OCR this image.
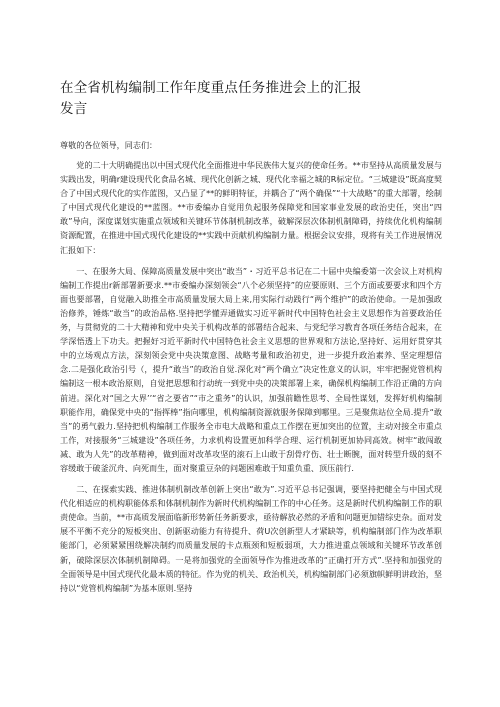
在全省机构编制工作年度重点任务推进会上的汇报
发言

尊敬的各位领导，同志们：

党的二十大明确提出以中国式现代化全面推进中华民族伟大复兴的使命任务。**市坚持从高质量发展与实践出发，明确r建设现代化食品名城、现代化创新之城、现代化幸福之城的R标定位。“三城建设”既高度契合了中国式现代化的实作蓝图，又凸显了**的鲜明特征，并耦合了“两个确保”“十大战略”的重大部署，绘制了中国式现代化建设的**蓝图。**市委编办自觉用负起服务保障党和国家事业发展的政治史任，突出“四敢”导向，深度谋划实施重点领域和关键环节体制机制改革，破解深层次体制机制障碍，持续优化机构编制资源配置，在推进中国式现代化建设的**实践中贡献机构编制力量。根据会议安排，现将有关工作进展情况汇报如下：

一、在服务大局、保障高质量发展中突出“敢当”・习近平总书记在二十届中央编委第一次会议上对机构编制工作提出r新部署新要求.**市委编办深刻领会“八个必须坚持”的应要原则、三个方面或要要求和四个方面也要部署，自觉融入助推全市高质量发展大局上来,用实际行动践行“两个维护”的政治使命。一是加强政治修养，锤炼“敢当”的政治品格.坚持把学懂弄通做实习近平新时代中国特色社会主义思想作为首要政治任务，与贯彻党的二十大精神和党中央关于机构改革的部署结合起来、与党纪学习教育各项任务结合起来，在学深悟透上下功夫。把握好习近平新时代中国特色社会主义思想的世界观和方法论,坚持好、运用好贯穿其中的立场观点方法，深刻领会党中央决策意图、战略考量和政治初史，进一步提升政治素养、坚定理想信念.二是强化政治引号（，提升“敢当”的政治自觉.深化对“两个确立”决定性意义的认识，牢牢把握党管机构编制这一根本政治原则，自觉把思想和行动统一到党中央的决策部署上来，确保机构编制工作沿正确的方向前进。深化对“国之大界’’“省之要省”“市之重务”的认识，加强前瞻性思考、全局性谋划，发挥好机构编制职能作用，确保党中央的“指挥棒”指向哪里，机构编制资源就服务保障到哪里。三是聚焦站位全局.提升“敢当”的勇气毅力.坚持把机构编制工作服务全市电大战略和重点工作摆在更加突出的位置，主动对接全市重点工作，对接服务“三城建设”各项任务，力求机构设置更加科学合理、运行机制更加协同高效。树牢“敢闯敢减、敢为人先”的改革精神，做到面对改革攻坚的滚石上山敢于刮骨疗伤、壮士断腕，面对转型升级的刻不容缓敢于破釜沉舟、向死而生，面对聚重豆杂的问题困难敢于知重负重、顶压前行.

二、在探索实践、推进体制机制改革创新上突出“敢为”.习近平总书记强调，要坚持把健全与中国式现代化相适应的机构职能体系和体制机制作为新时代机构编制工作的中心任务。这是新时代机构编制工作的职责使命。当前，**市高质发展面临新形势新任务新要求，亟待解放必然的矛盾和问题更加错综史杂。面对发展不平衡不充分的短板突出、创新驱动能力有待提升、荷U次创新型人才紧缺等，机构编制部门作为改革职能部门，必须紧紧围绕解决制约而质量发展的卡点瓶颈和短板弱项，大力推进重点领域和关键环节改革创新，破除深层次体制机制障碍。一是将加强党的全面领导作为推进改革的“正确打开方式”.坚持和加强党的全面领导是中国式现代化最本质的特征。作为党的机关、政治机关，机构编制部门必须旗帜鲜明讲政治，坚持以“党管机构编制”为基本原则.坚持
